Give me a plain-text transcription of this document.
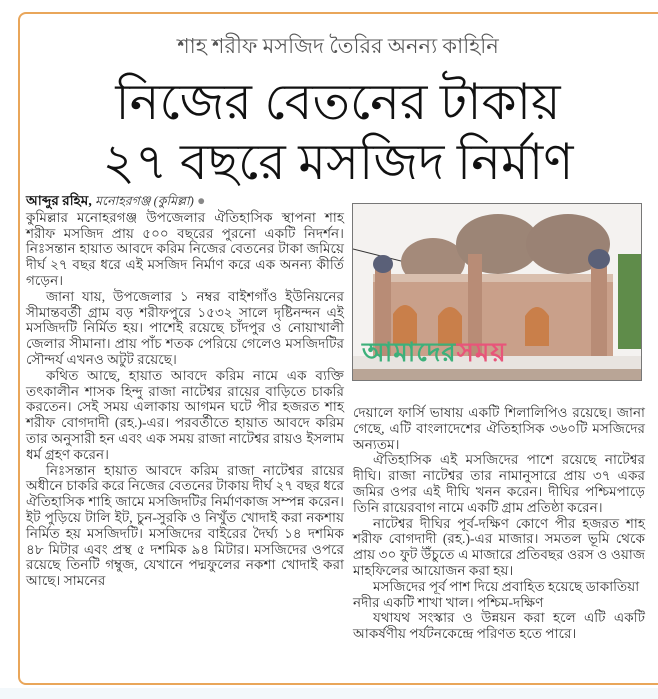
শাহ শরীফ মসজিদ তৈরির অনন্য কাহিনি
নিজের বেতনের টাকায়
২৭ বছরে মসজিদ নির্মাণ

আব্দুর রহিম, মনোহরগঞ্জ (কুমিল্লা) ●
কুমিল্লার মনোহরগঞ্জ উপজেলার ঐতিহাসিক স্থাপনা শাহ শরীফ মসজিদ প্রায় ৫০০ বছরের পুরনো একটি নিদর্শন। নিঃসন্তান হায়াত আবদে করিম নিজের বেতনের টাকা জমিয়ে দীর্ঘ ২৭ বছর ধরে এই মসজিদ নির্মাণ করে এক অনন্য কীর্তি গড়েন।

জানা যায়, উপজেলার ১ নম্বর বাইশগাঁও ইউনিয়নের সীমান্তবর্তী গ্রাম বড় শরীফপুরে ১৫৩২ সালে দৃষ্টিনন্দন এই মসজিদটি নির্মিত হয়। পাশেই রয়েছে চাঁদপুর ও নোয়াখালী জেলার সীমানা। প্রায় পাঁচ শতক পেরিয়ে গেলেও মসজিদটির সৌন্দর্য এখনও অটুট রয়েছে।

কথিত আছে, হায়াত আবদে করিম নামে এক ব্যক্তি তৎকালীন শাসক হিন্দু রাজা নাটেশ্বর রায়ের বাড়িতে চাকরি করতেন। সেই সময় এলাকায় আগমন ঘটে পীর হজরত শাহ শরীফ বোগদাদী (রহ.)-এর। পরবর্তীতে হায়াত আবদে করিম তার অনুসারী হন এবং এক সময় রাজা নাটেশ্বর রায়ও ইসলাম ধর্ম গ্রহণ করেন।

নিঃসন্তান হায়াত আবদে করিম রাজা নাটেশ্বর রায়ের অধীনে চাকরি করে নিজের বেতনের টাকায় দীর্ঘ ২৭ বছর ধরে ঐতিহাসিক শাহি জামে মসজিদটির নির্মাণকাজ সম্পন্ন করেন। ইট পুড়িয়ে টালি ইট, চুন-সুরকি ও নিখুঁত খোদাই করা নকশায় নির্মিত হয় মসজিদটি। মসজিদের বাইরের দৈর্ঘ্য ১৪ দশমিক ৪৮ মিটার এবং প্রস্থ ৫ দশমিক ৯৪ মিটার। মসজিদের ওপরে রয়েছে তিনটি গম্বুজ, যেখানে পদ্মফুলের নকশা খোদাই করা আছে। সামনের

আমাদেরসময়

দেয়ালে ফার্সি ভাষায় একটি শিলালিপিও রয়েছে। জানা গেছে, এটি বাংলাদেশের ঐতিহাসিক ৩৬০টি মসজিদের অন্যতম।

ঐতিহাসিক এই মসজিদের পাশে রয়েছে নাটেশ্বর দীঘি। রাজা নাটেশ্বর তার নামানুসারে প্রায় ৩৭ একর জমির ওপর এই দীঘি খনন করেন। দীঘির পশ্চিমপাড়ে তিনি রায়েরবাগ নামে একটি গ্রাম প্রতিষ্ঠা করেন।

নাটেশ্বর দীঘির পূর্ব-দক্ষিণ কোণে পীর হজরত শাহ শরীফ বোগদাদী (রহ.)-এর মাজার। সমতল ভূমি থেকে প্রায় ৩০ ফুট উঁচুতে এ মাজারে প্রতিবছর ওরস ও ওয়াজ মাহফিলের আয়োজন করা হয়।

মসজিদের পূর্ব পাশ দিয়ে প্রবাহিত হয়েছে ডাকাতিয়া নদীর একটি শাখা খাল। পশ্চিম-দক্ষিণ

যথাযথ সংস্কার ও উন্নয়ন করা হলে এটি একটি আকর্ষণীয় পর্যটনকেন্দ্রে পরিণত হতে পারে।
